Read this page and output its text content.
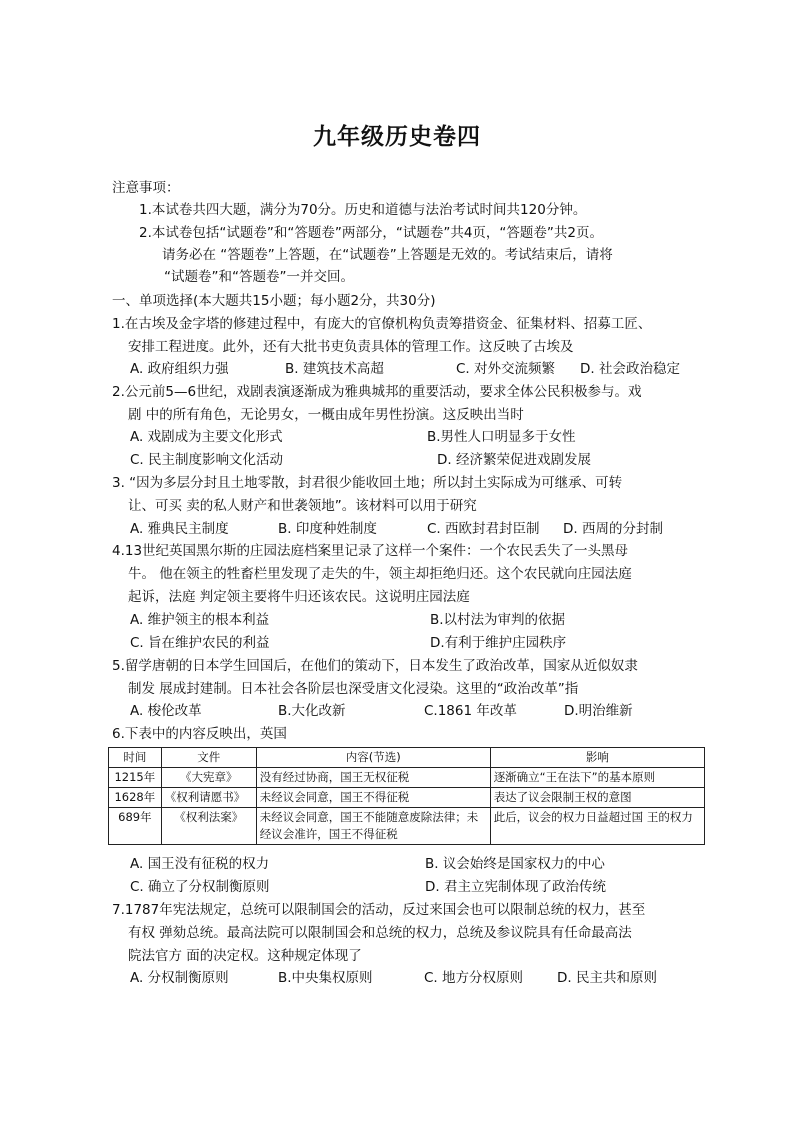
九年级历史卷四
注意事项：
1.本试卷共四大题，满分为70分。历史和道德与法治考试时间共120分钟。
2.本试卷包括“试题卷”和“答题卷”两部分，“试题卷”共4页，“答题卷”共2页。
请务必在 “答题卷”上答题，在“试题卷”上答题是无效的。考试结束后，请将
“试题卷”和“答题卷”一并交回。
一、单项选择(本大题共15小题；每小题2分，共30分)
1.在古埃及金字塔的修建过程中，有庞大的官僚机构负责筹措资金、征集材料、招募工匠、
安排工程进度。此外，还有大批书吏负责具体的管理工作。这反映了古埃及
A. 政府组织力强	B. 建筑技术高超	C. 对外交流频繁 D. 社会政治稳定
2.公元前5—6世纪，戏剧表演逐渐成为雅典城邦的重要活动，要求全体公民积极参与。戏
剧 中的所有角色，无论男女，一概由成年男性扮演。这反映出当时
A. 戏剧成为主要文化形式	B.男性人口明显多于女性
C. 民主制度影响文化活动	D. 经济繁荣促进戏剧发展
3. “因为多层分封且土地零散，封君很少能收回土地；所以封土实际成为可继承、可转
让、可买 卖的私人财产和世袭领地”。该材料可以用于研究
A. 雅典民主制度	B. 印度种姓制度	C. 西欧封君封臣制 D. 西周的分封制
4.13世纪英国黑尔斯的庄园法庭档案里记录了这样一个案件：一个农民丢失了一头黑母
牛。 他在领主的牲畜栏里发现了走失的牛，领主却拒绝归还。这个农民就向庄园法庭
起诉，法庭 判定领主要将牛归还该农民。这说明庄园法庭
A. 维护领主的根本利益	B.以村法为审判的依据
C. 旨在维护农民的利益	D.有利于维护庄园秩序
5.留学唐朝的日本学生回国后，在他们的策动下，日本发生了政治改革，国家从近似奴隶
制发 展成封建制。日本社会各阶层也深受唐文化浸染。这里的“政治改革”指
A. 梭伦改革	B.大化改新	C.1861 年改革	D.明治维新
6.下表中的内容反映出，英国
时间	文件	内容(节选)	影响
1215年	《大宪章》	没有经过协商，国王无权征税	逐渐确立“王在法下”的基本原则
1628年	《权利请愿书》	未经议会同意，国王不得征税	表达了议会限制王权的意图
689年	《权利法案》	未经议会同意，国王不能随意废除法律；未经议会准许，国王不得征税	此后，议会的权力日益超过国 王的权力
A. 国王没有征税的权力	B. 议会始终是国家权力的中心
C. 确立了分权制衡原则	D. 君主立宪制体现了政治传统
7.1787年宪法规定，总统可以限制国会的活动，反过来国会也可以限制总统的权力，甚至
有权 弹劾总统。最高法院可以限制国会和总统的权力，总统及参议院具有任命最高法
院法官方 面的决定权。这种规定体现了
A. 分权制衡原则	B.中央集权原则	C. 地方分权原则	D. 民主共和原则
